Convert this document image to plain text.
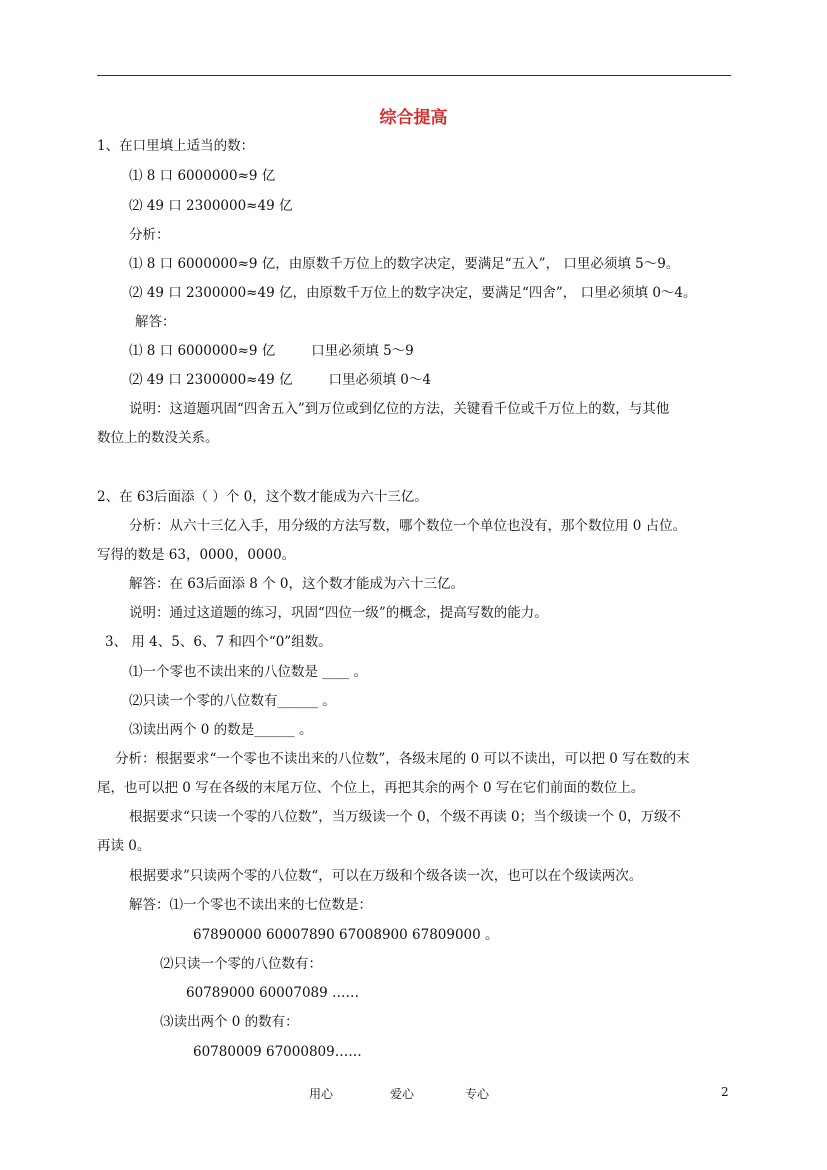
综合提高
1、在口里填上适当的数：
⑴ 8 口 6000000≈9 亿
⑵ 49 口 2300000≈49 亿
分析：
⑴ 8 口 6000000≈9 亿，由原数千万位上的数字决定，要满足“五入”， 口里必须填 5～9。
⑵ 49 口 2300000≈49 亿，由原数千万位上的数字决定，要满足“四舍”， 口里必须填 0～4。
解答：
⑴ 8 口 6000000≈9 亿	口里必须填 5～9
⑵ 49 口 2300000≈49 亿	口里必须填 0～4
说明：这道题巩固“四舍五入”到万位或到亿位的方法，关键看千位或千万位上的数，与其他
数位上的数没关系。
2、在 63后面添（ ）个 0，这个数才能成为六十三亿。
分析：从六十三亿入手，用分级的方法写数，哪个数位一个单位也没有，那个数位用 0 占位。
写得的数是 63，0000，0000。
解答：在 63后面添 8 个 0，这个数才能成为六十三亿。
说明：通过这道题的练习，巩固“四位一级”的概念，提高写数的能力。
3、 用 4、5、6、7 和四个“0”组数。
⑴一个零也不读出来的八位数是 ____ 。
⑵只读一个零的八位数有______ 。
⑶读出两个 0 的数是______ 。
分析：根据要求“一个零也不读出来的八位数”，各级末尾的 0 可以不读出，可以把 0 写在数的末
尾，也可以把 0 写在各级的末尾万位、个位上，再把其余的两个 0 写在它们前面的数位上。
根据要求“只读一个零的八位数”，当万级读一个 0，个级不再读 0；当个级读一个 0，万级不
再读 0。
根据要求”只读两个零的八位数“，可以在万级和个级各读一次，也可以在个级读两次。
解答：⑴一个零也不读出来的七位数是：
67890000 60007890 67008900 67809000 。
⑵只读一个零的八位数有：
60789000 60007089 ……
⑶读出两个 0 的数有：
60780009 67000809……
用心	爱心	专心	2
